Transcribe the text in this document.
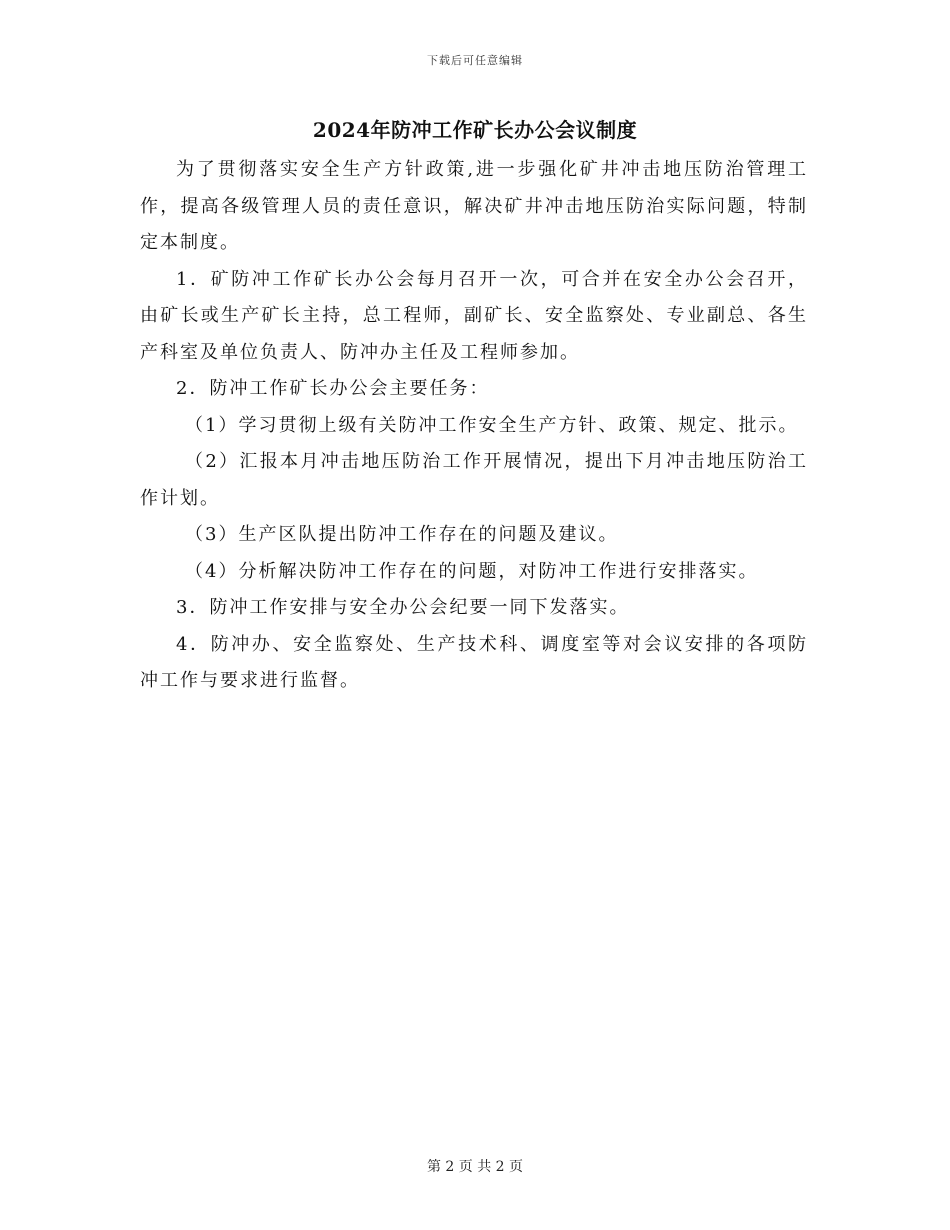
下载后可任意编辑
2024年防冲工作矿长办公会议制度

为了贯彻落实安全生产方针政策,进一步强化矿井冲击地压防治管理工作，提高各级管理人员的责任意识，解决矿井冲击地压防治实际问题，特制定本制度。

1．矿防冲工作矿长办公会每月召开一次，可合并在安全办公会召开，由矿长或生产矿长主持，总工程师，副矿长、安全监察处、专业副总、各生产科室及单位负责人、防冲办主任及工程师参加。

2．防冲工作矿长办公会主要任务：

（1）学习贯彻上级有关防冲工作安全生产方针、政策、规定、批示。

（2）汇报本月冲击地压防治工作开展情况，提出下月冲击地压防治工作计划。

（3）生产区队提出防冲工作存在的问题及建议。

（4）分析解决防冲工作存在的问题，对防冲工作进行安排落实。

3．防冲工作安排与安全办公会纪要一同下发落实。

4．防冲办、安全监察处、生产技术科、调度室等对会议安排的各项防冲工作与要求进行监督。

第 2 页 共 2 页
